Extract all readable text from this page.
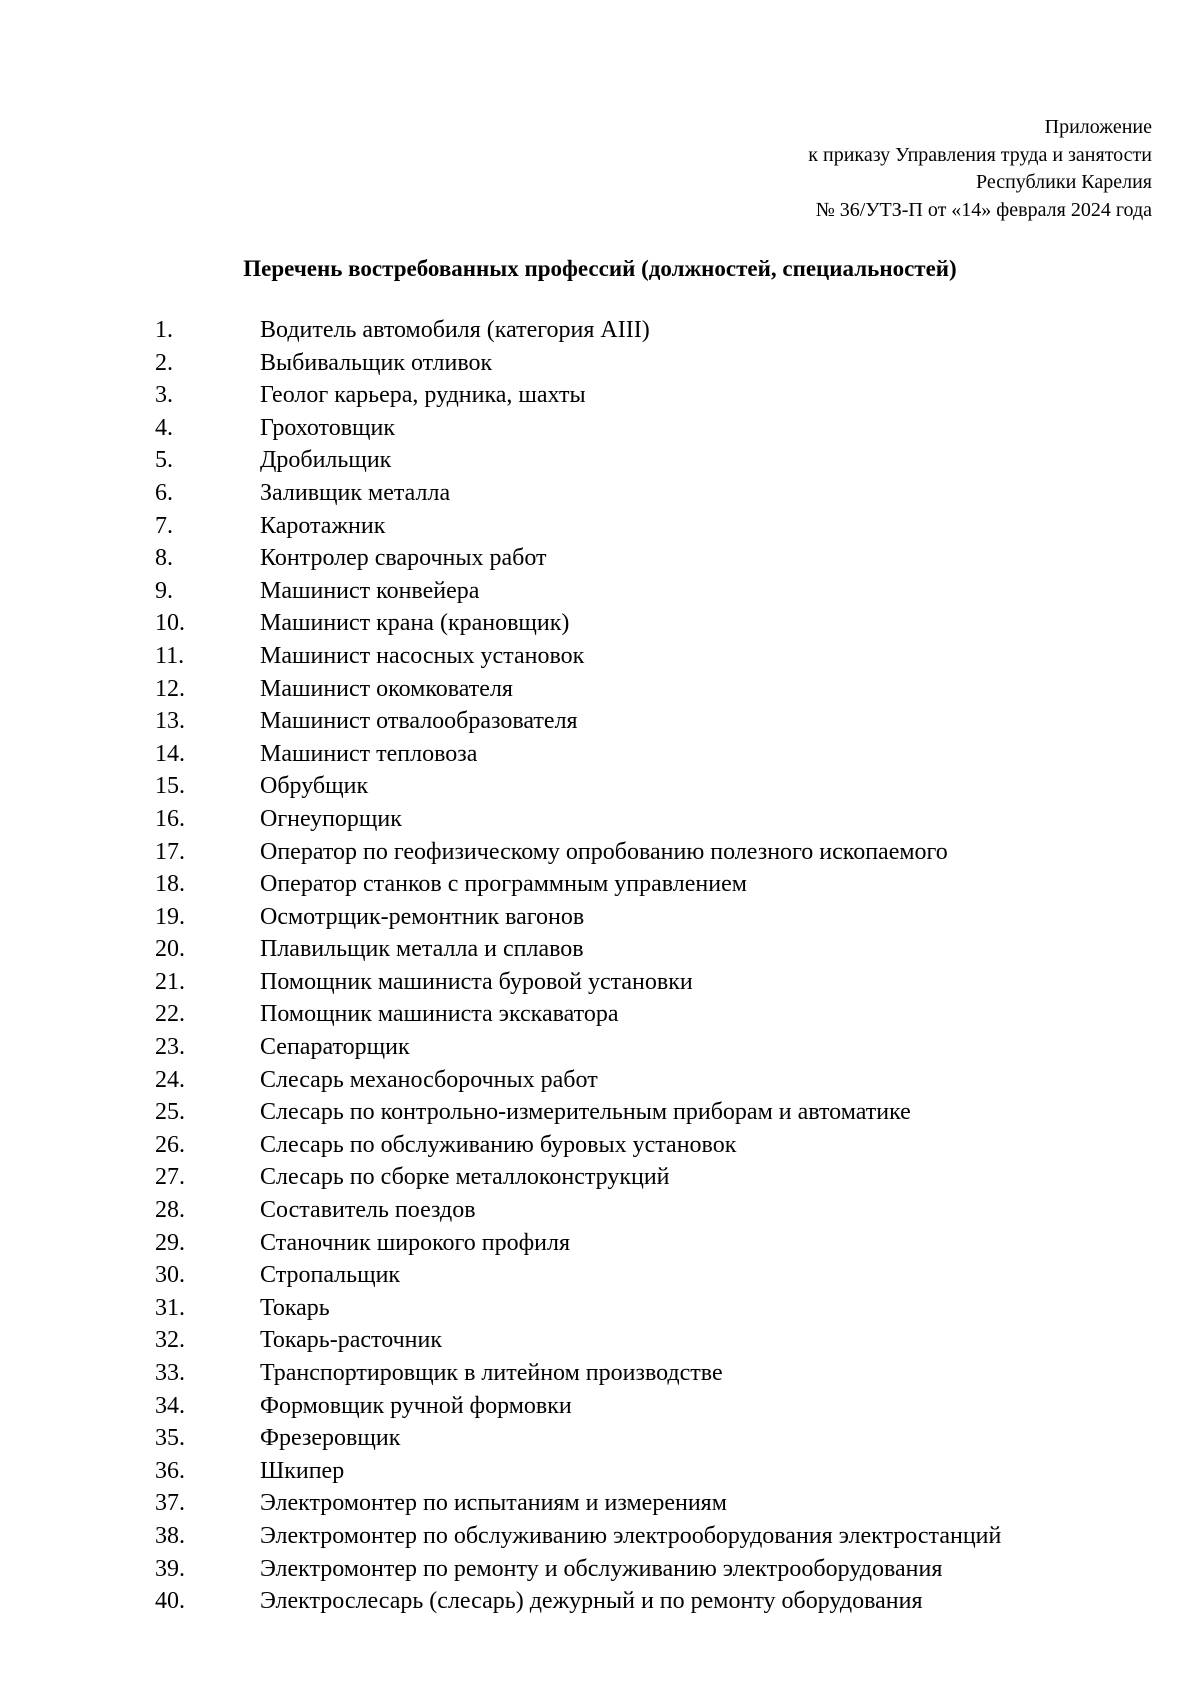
Приложение
к приказу Управления труда и занятости
Республики Карелия
№ 36/УТЗ-П от «14» февраля 2024 года
Перечень востребованных профессий (должностей, специальностей)
1.	Водитель автомобиля (категория AIII)
2.	Выбивальщик отливок
3.	Геолог карьера, рудника, шахты
4.	Грохотовщик
5.	Дробильщик
6.	Заливщик металла
7.	Каротажник
8.	Контролер сварочных работ
9.	Машинист конвейера
10.	Машинист крана (крановщик)
11.	Машинист насосных установок
12.	Машинист окомкователя
13.	Машинист отвалообразователя
14.	Машинист тепловоза
15.	Обрубщик
16.	Огнеупорщик
17.	Оператор по геофизическому опробованию полезного ископаемого
18.	Оператор станков с программным управлением
19.	Осмотрщик-ремонтник вагонов
20.	Плавильщик металла и сплавов
21.	Помощник машиниста буровой установки
22.	Помощник машиниста экскаватора
23.	Сепараторщик
24.	Слесарь механосборочных работ
25.	Слесарь по контрольно-измерительным приборам и автоматике
26.	Слесарь по обслуживанию буровых установок
27.	Слесарь по сборке металлоконструкций
28.	Составитель поездов
29.	Станочник широкого профиля
30.	Стропальщик
31.	Токарь
32.	Токарь-расточник
33.	Транспортировщик в литейном производстве
34.	Формовщик ручной формовки
35.	Фрезеровщик
36.	Шкипер
37.	Электромонтер по испытаниям и измерениям
38.	Электромонтер по обслуживанию электрооборудования электростанций
39.	Электромонтер по ремонту и обслуживанию электрооборудования
40.	Электрослесарь (слесарь) дежурный и по ремонту оборудования
